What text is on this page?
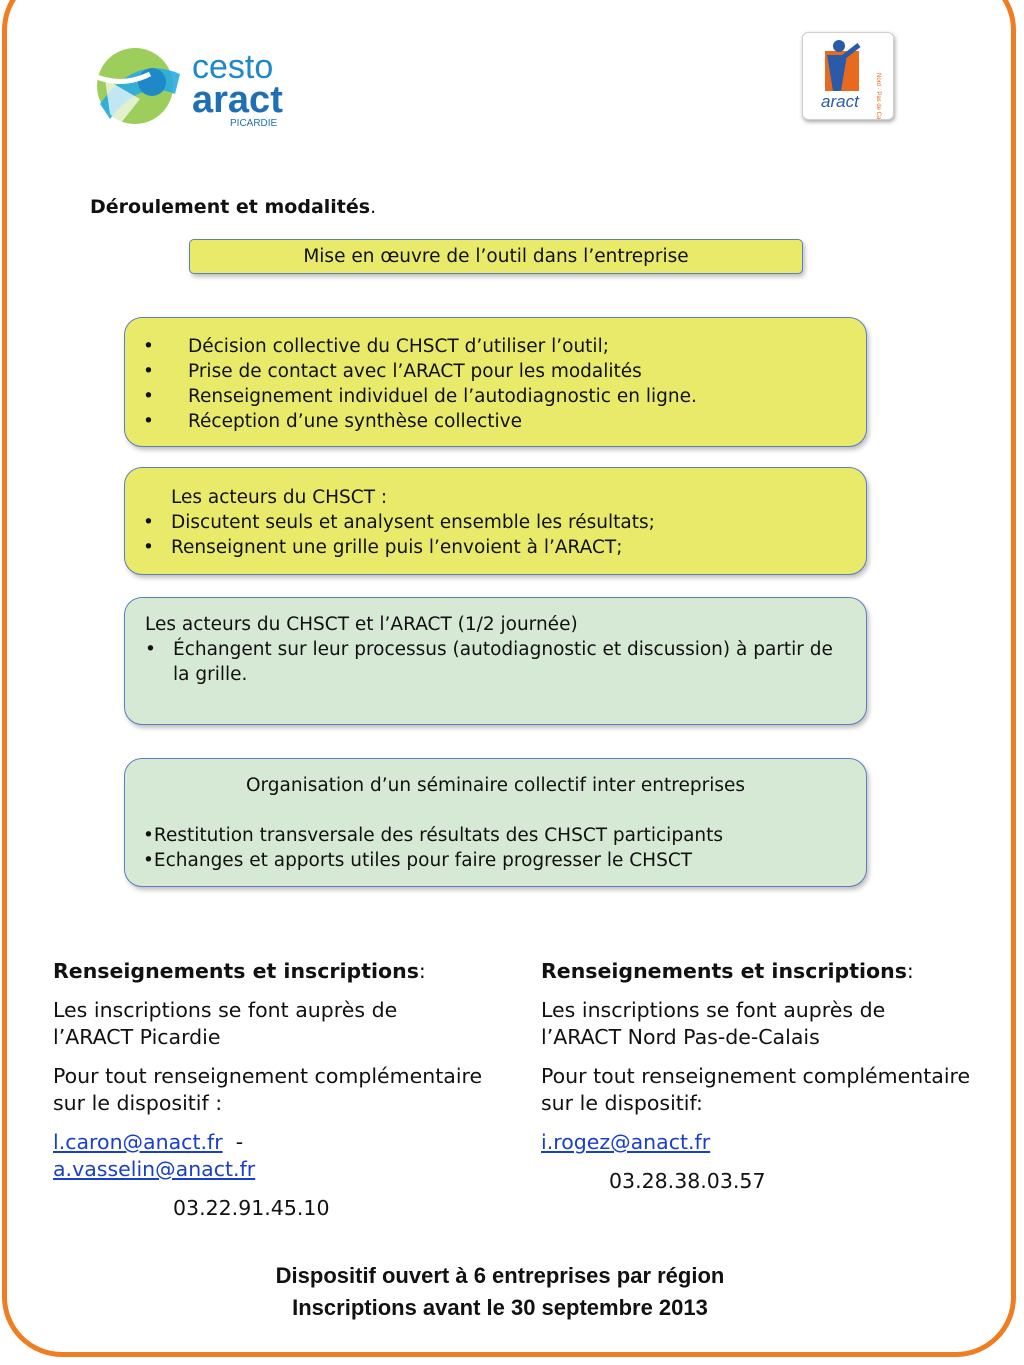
cesto
aract
PICARDIE
aract	Nord · Pas de Calais
Déroulement et modalités.
Mise en œuvre de l’outil dans l’entreprise
• Décision collective du CHSCT d’utiliser l’outil;
• Prise de contact avec l’ARACT pour les modalités
• Renseignement individuel de l’autodiagnostic en ligne.
• Réception d’une synthèse collective
Les acteurs du CHSCT :
• Discutent seuls et analysent ensemble les résultats;
• Renseignent une grille puis l’envoient à l’ARACT;
Les acteurs du CHSCT et l’ARACT (1/2 journée)
• Échangent sur leur processus (autodiagnostic et discussion) à partir de la grille.
Organisation d’un séminaire collectif inter entreprises
• Restitution transversale des résultats des CHSCT participants
• Echanges et apports utiles pour faire progresser le CHSCT

Renseignements et inscriptions:

Les inscriptions se font auprès de l’ARACT Picardie

Pour tout renseignement complémentaire sur le dispositif :

l.caron@anact.fr -
a.vasselin@anact.fr

03.22.91.45.10

Renseignements et inscriptions:

Les inscriptions se font auprès de l’ARACT Nord Pas-de-Calais

Pour tout renseignement complémentaire sur le dispositif:

i.rogez@anact.fr

03.28.38.03.57

Dispositif ouvert à 6 entreprises par région
Inscriptions avant le 30 septembre 2013
